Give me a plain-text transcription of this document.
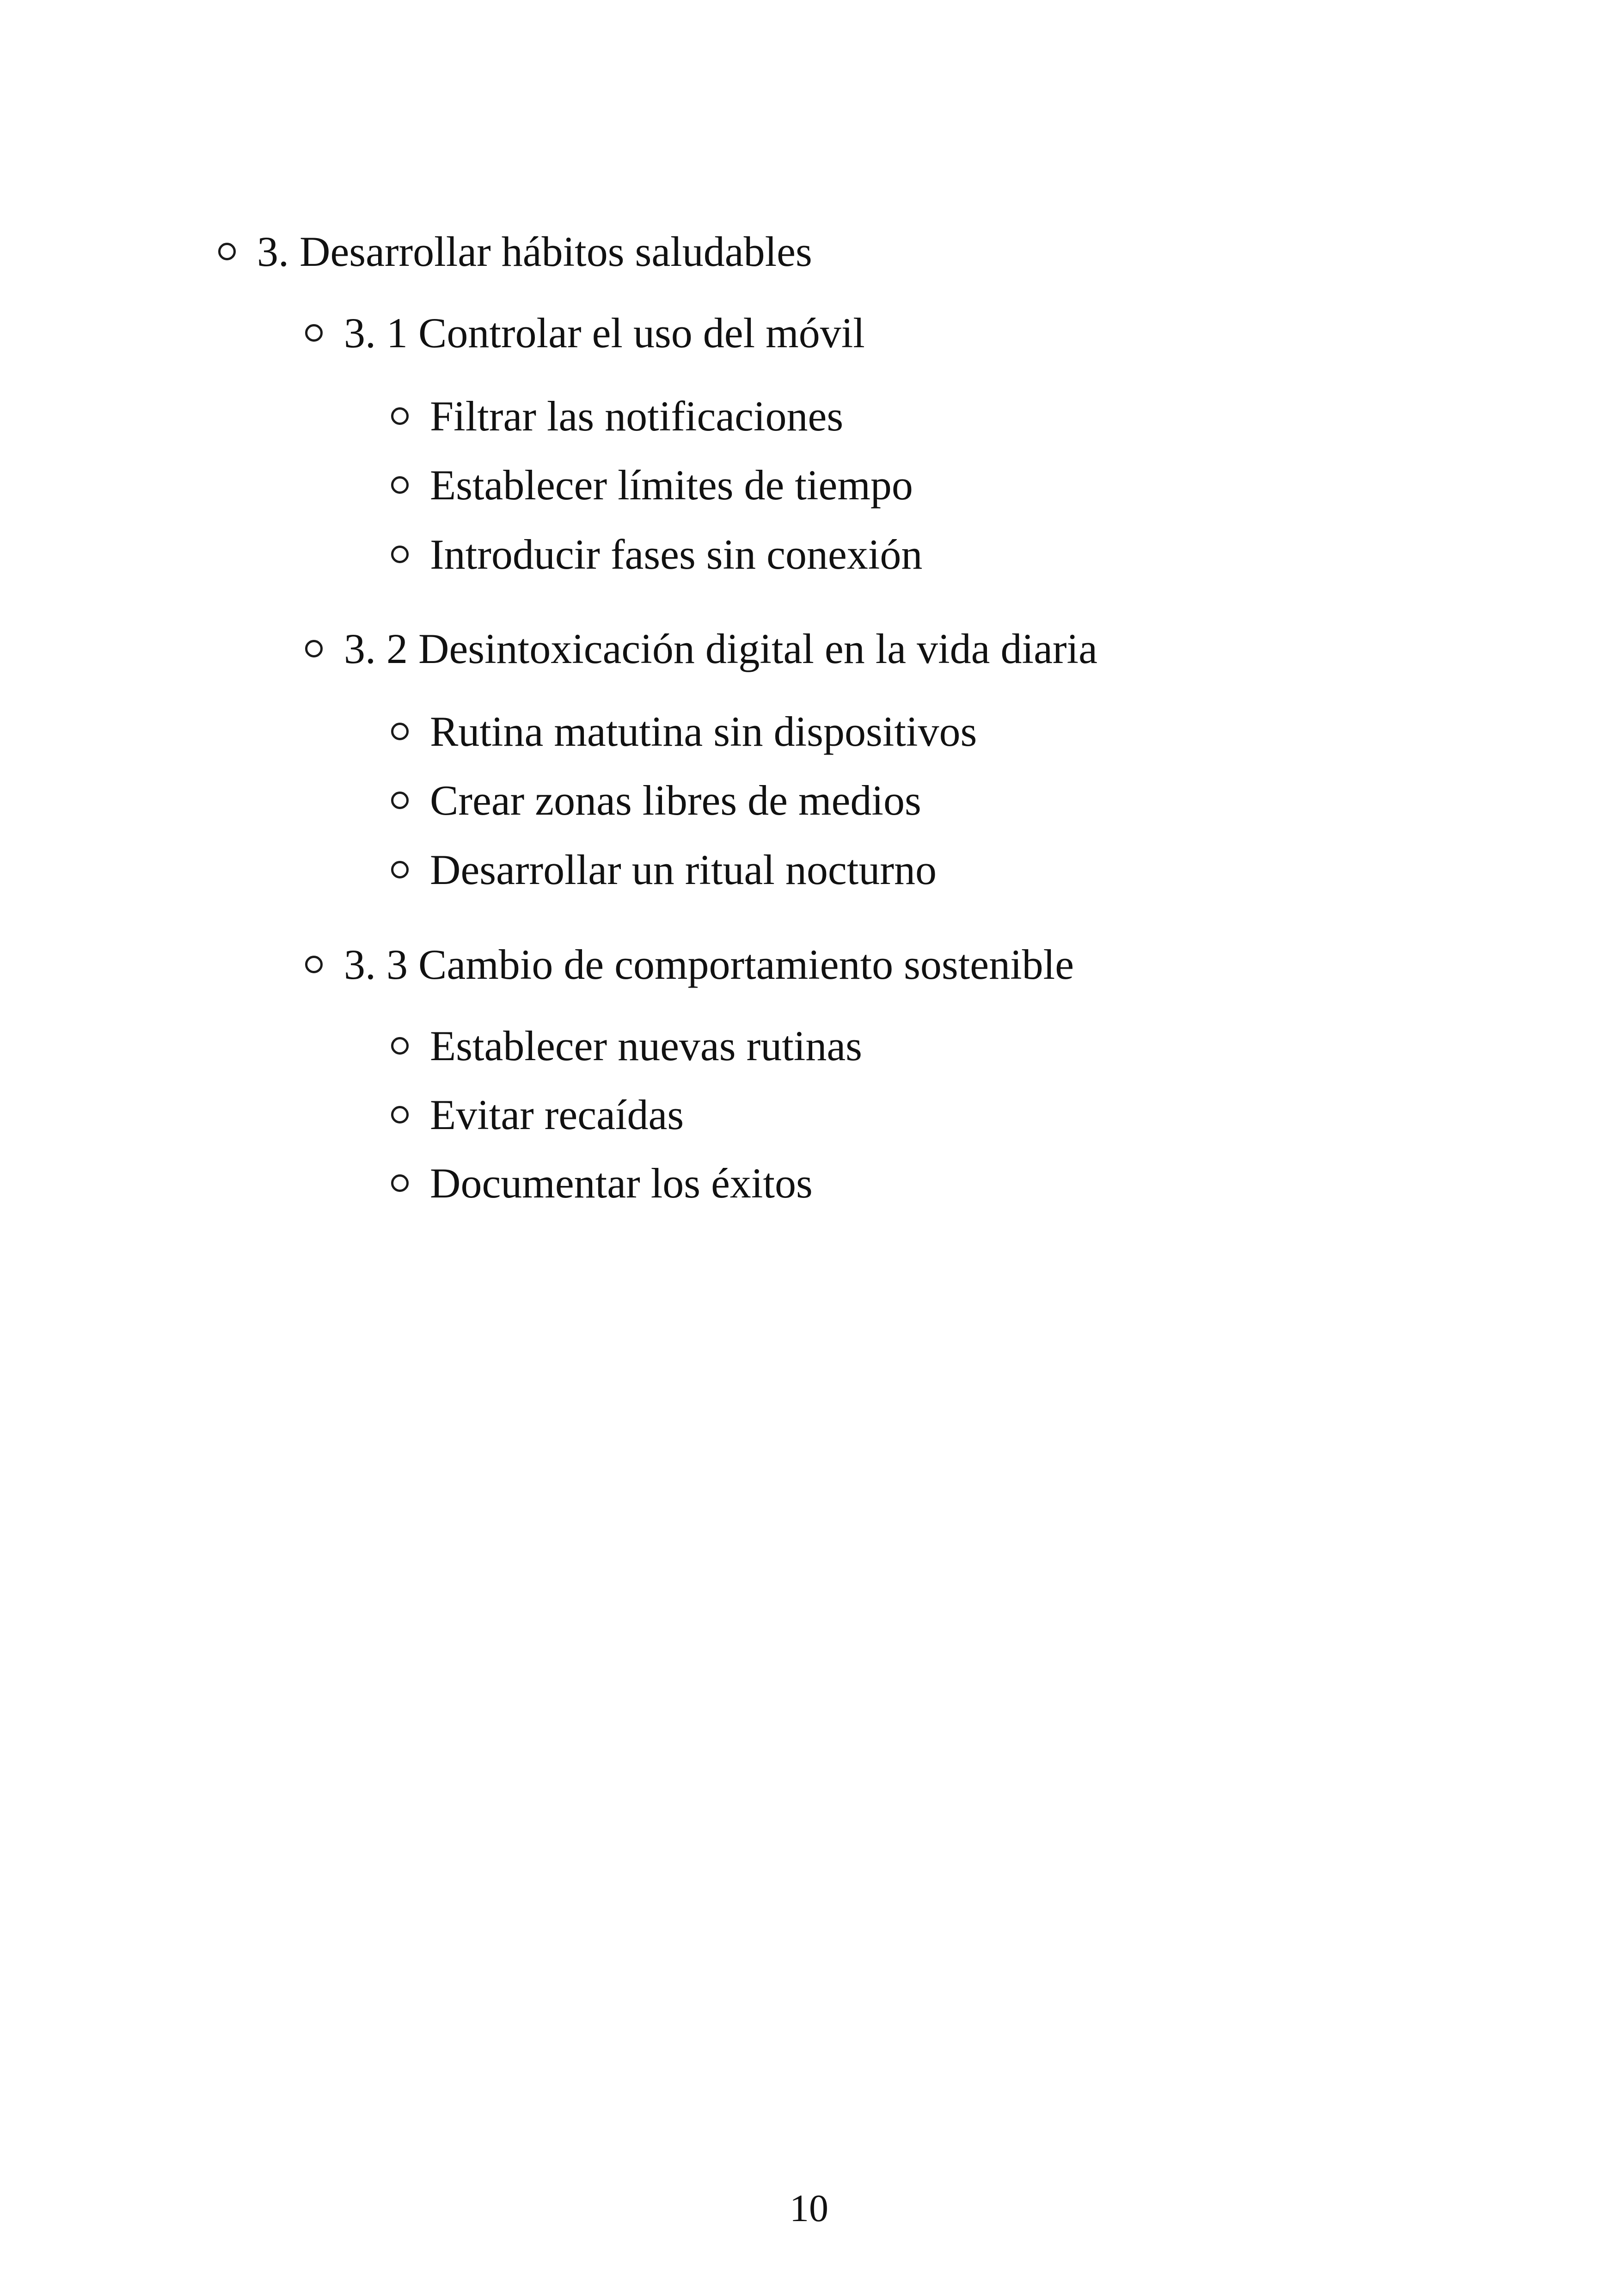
3. Desarrollar hábitos saludables
3. 1 Controlar el uso del móvil
Filtrar las notificaciones
Establecer límites de tiempo
Introducir fases sin conexión
3. 2 Desintoxicación digital en la vida diaria
Rutina matutina sin dispositivos
Crear zonas libres de medios
Desarrollar un ritual nocturno
3. 3 Cambio de comportamiento sostenible
Establecer nuevas rutinas
Evitar recaídas
Documentar los éxitos
10
